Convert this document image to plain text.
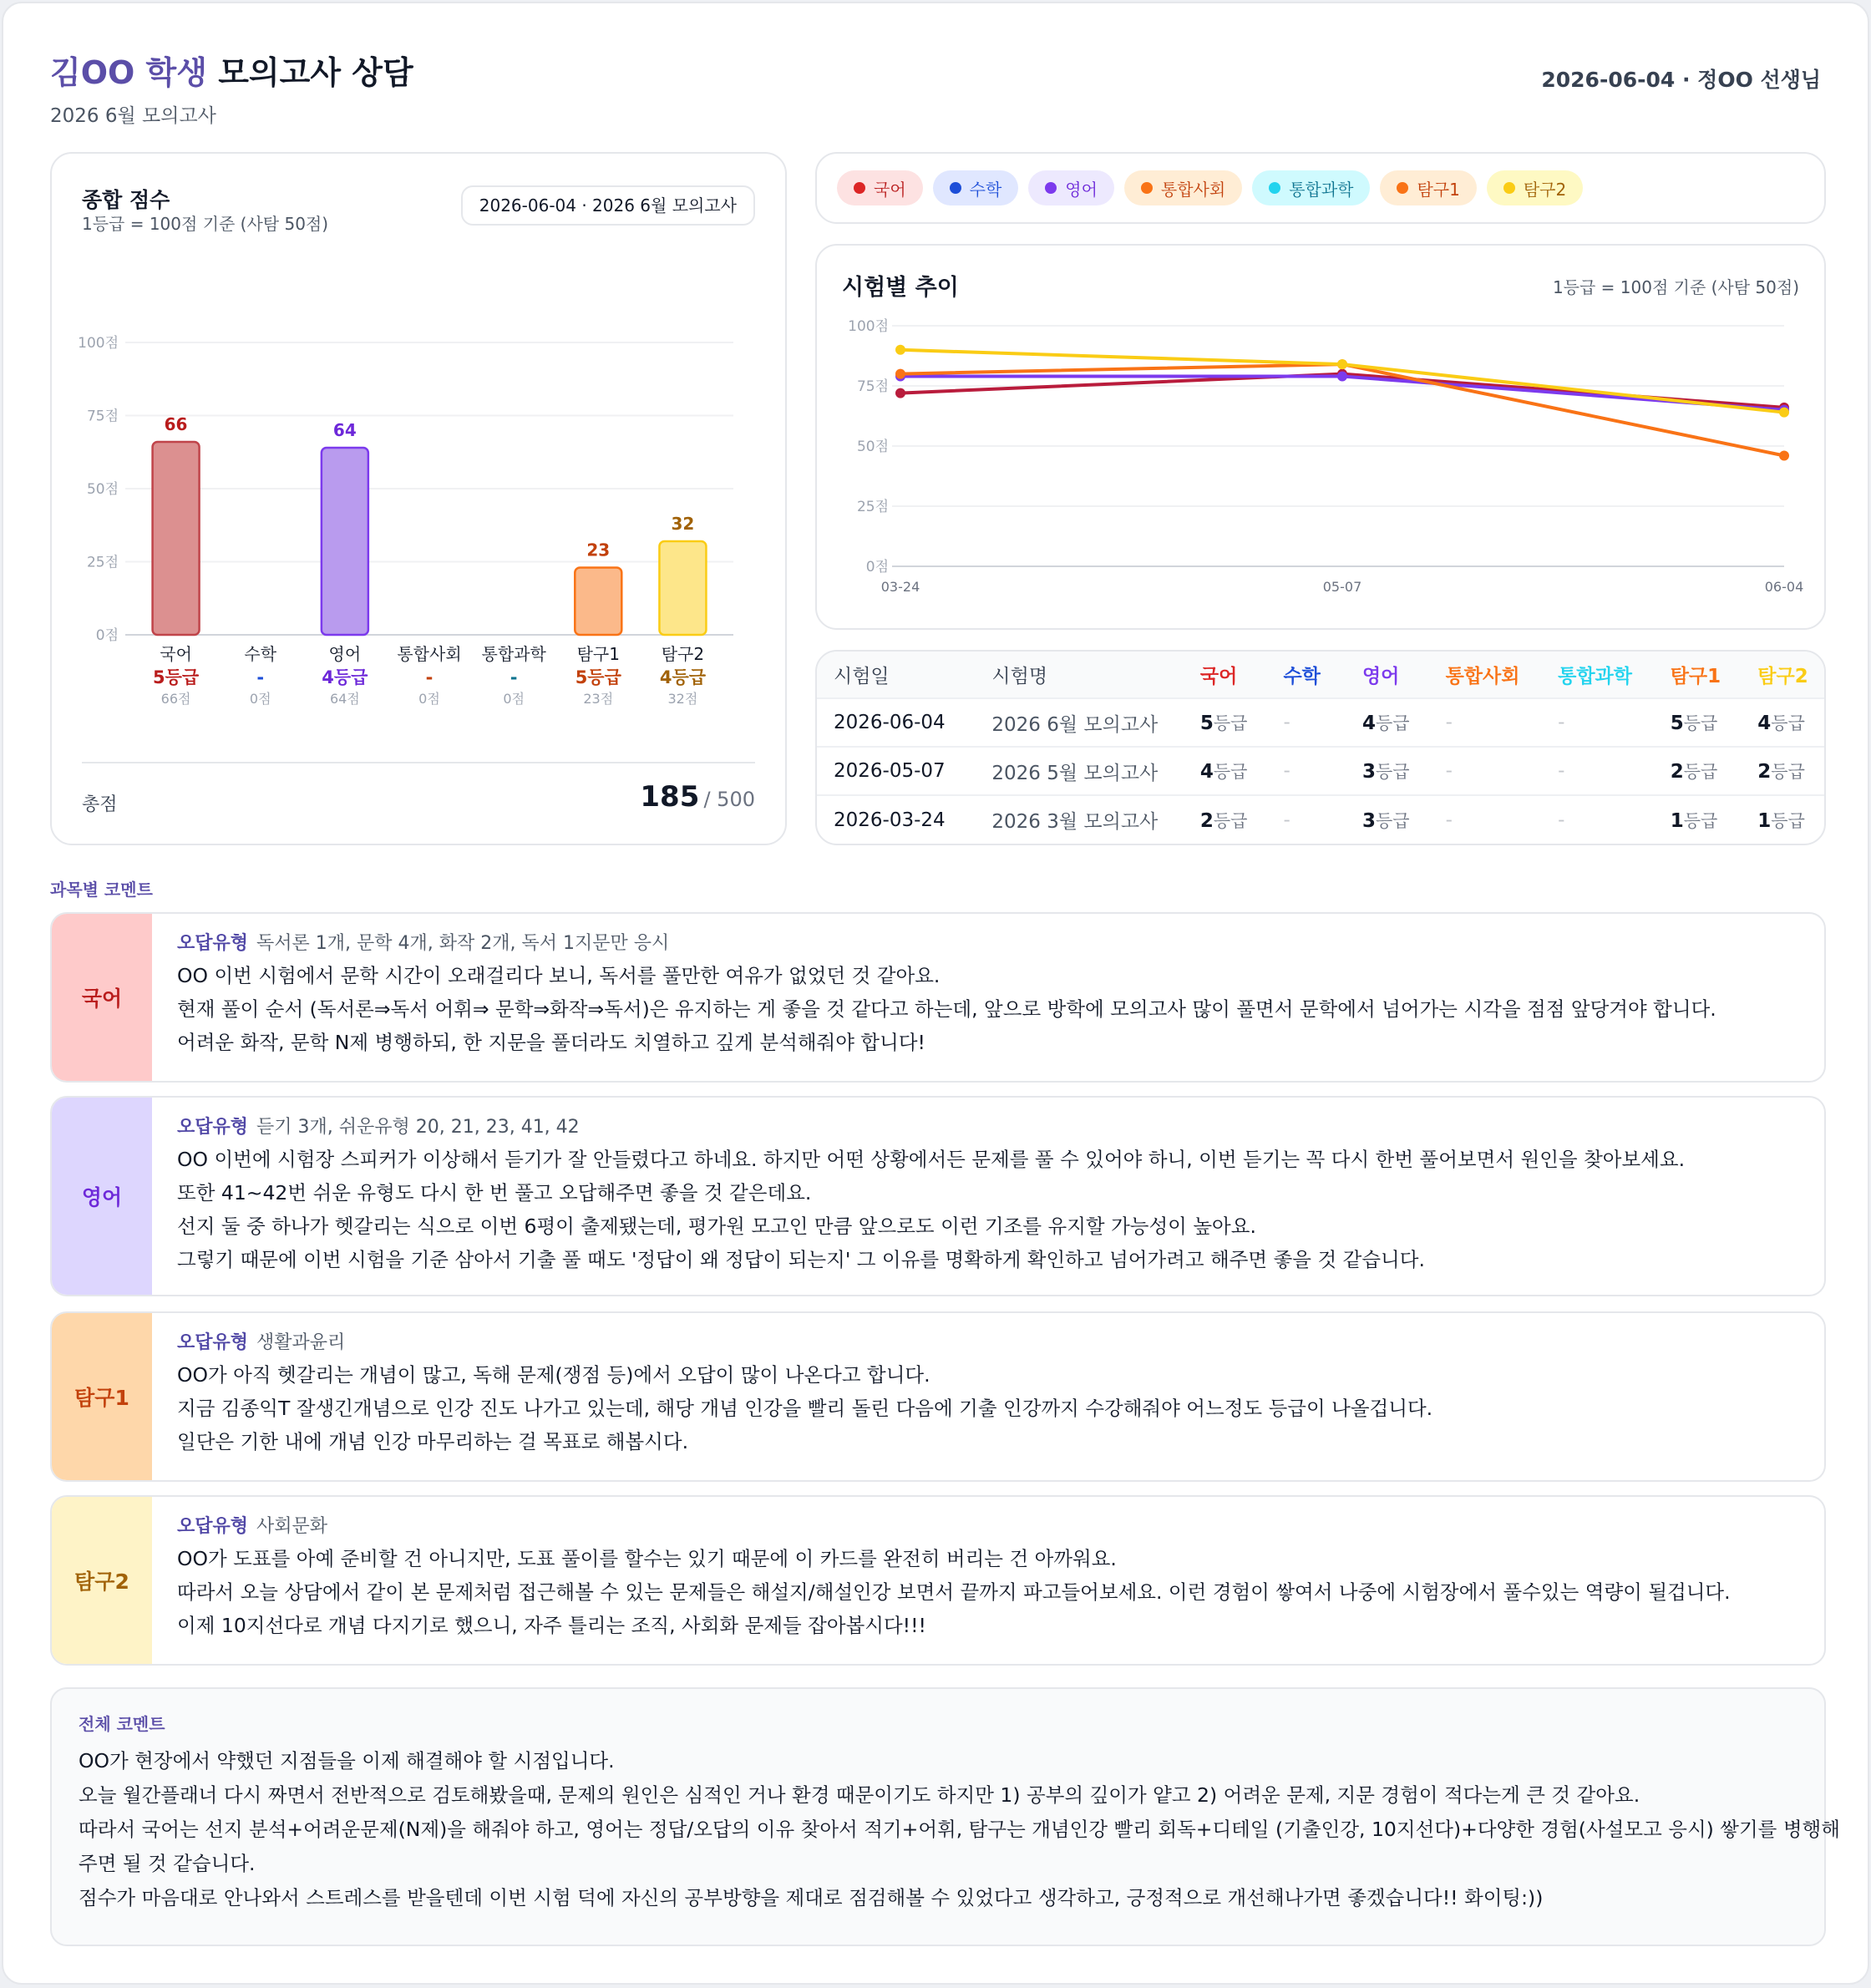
김OO 학생 모의고사 상담
2026 6월 모의고사
2026-06-04 · 정OO 선생님
종합 점수
1등급 = 100점 기준 (사탐 50점)
2026-06-04 · 2026 6월 모의고사
0점
25점
50점
75점
100점
66
국어
5등급
66점
수학
-
0점
64
영어
4등급
64점
통합사회
-
0점
통합과학
-
0점
23
탐구1
5등급
23점
32
탐구2
4등급
32점
총점	185 / 500
국어	수학	영어	통합사회	통합과학	탐구1	탐구2
시험별 추이	1등급 = 100점 기준 (사탐 50점)
0점
25점
50점
75점
100점
03-24	05-07	06-04
시험일	시험명	국어	수학	영어	통합사회	통합과학	탐구1	탐구2
2026-06-04	2026 6월 모의고사	5등급	-	4등급	-	-	5등급	4등급
2026-05-07	2026 5월 모의고사	4등급	-	3등급	-	-	2등급	2등급
2026-03-24	2026 3월 모의고사	2등급	-	3등급	-	-	1등급	1등급
과목별 코멘트
국어
오답유형 독서론 1개, 문학 4개, 화작 2개, 독서 1지문만 응시
OO 이번 시험에서 문학 시간이 오래걸리다 보니, 독서를 풀만한 여유가 없었던 것 같아요.
현재 풀이 순서 (독서론⇒독서 어휘⇒ 문학⇒화작⇒독서)은 유지하는 게 좋을 것 같다고 하는데, 앞으로 방학에 모의고사 많이 풀면서 문학에서 넘어가는 시각을 점점 앞당겨야 합니다.
어려운 화작, 문학 N제 병행하되, 한 지문을 풀더라도 치열하고 깊게 분석해줘야 합니다!
영어
오답유형 듣기 3개, 쉬운유형 20, 21, 23, 41, 42
OO 이번에 시험장 스피커가 이상해서 듣기가 잘 안들렸다고 하네요. 하지만 어떤 상황에서든 문제를 풀 수 있어야 하니, 이번 듣기는 꼭 다시 한번 풀어보면서 원인을 찾아보세요.
또한 41~42번 쉬운 유형도 다시 한 번 풀고 오답해주면 좋을 것 같은데요.
선지 둘 중 하나가 헷갈리는 식으로 이번 6평이 출제됐는데, 평가원 모고인 만큼 앞으로도 이런 기조를 유지할 가능성이 높아요.
그렇기 때문에 이번 시험을 기준 삼아서 기출 풀 때도 '정답이 왜 정답이 되는지' 그 이유를 명확하게 확인하고 넘어가려고 해주면 좋을 것 같습니다.
탐구1
오답유형 생활과윤리
OO가 아직 헷갈리는 개념이 많고, 독해 문제(쟁점 등)에서 오답이 많이 나온다고 합니다.
지금 김종익T 잘생긴개념으로 인강 진도 나가고 있는데, 해당 개념 인강을 빨리 돌린 다음에 기출 인강까지 수강해줘야 어느정도 등급이 나올겁니다.
일단은 기한 내에 개념 인강 마무리하는 걸 목표로 해봅시다.
탐구2
오답유형 사회문화
OO가 도표를 아예 준비할 건 아니지만, 도표 풀이를 할수는 있기 때문에 이 카드를 완전히 버리는 건 아까워요.
따라서 오늘 상담에서 같이 본 문제처럼 접근해볼 수 있는 문제들은 해설지/해설인강 보면서 끝까지 파고들어보세요. 이런 경험이 쌓여서 나중에 시험장에서 풀수있는 역량이 될겁니다.
이제 10지선다로 개념 다지기로 했으니, 자주 틀리는 조직, 사회화 문제들 잡아봅시다!!!
전체 코멘트
OO가 현장에서 약했던 지점들을 이제 해결해야 할 시점입니다.
오늘 월간플래너 다시 짜면서 전반적으로 검토해봤을때, 문제의 원인은 심적인 거나 환경 때문이기도 하지만 1) 공부의 깊이가 얕고 2) 어려운 문제, 지문 경험이 적다는게 큰 것 같아요.
따라서 국어는 선지 분석+어려운문제(N제)을 해줘야 하고, 영어는 정답/오답의 이유 찾아서 적기+어휘, 탐구는 개념인강 빨리 회독+디테일 (기출인강, 10지선다)+다양한 경험(사설모고 응시) 쌓기를 병행해
주면 될 것 같습니다.
점수가 마음대로 안나와서 스트레스를 받을텐데 이번 시험 덕에 자신의 공부방향을 제대로 점검해볼 수 있었다고 생각하고, 긍정적으로 개선해나가면 좋겠습니다!! 화이팅:))
